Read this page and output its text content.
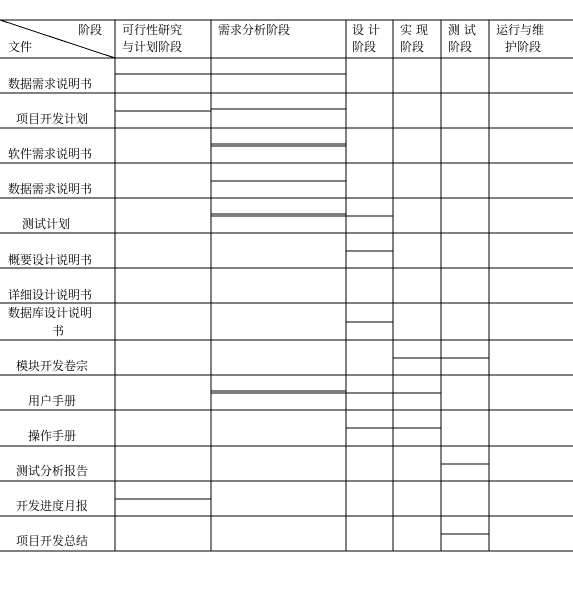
阶段
文件
可行性研究
与计划阶段
需求分析阶段	设 计
阶段
实 现
阶段
测 试
阶段
运行与维
护阶段
数据需求说明书
项目开发计划
软件需求说明书
数据需求说明书
测试计划
概要设计说明书
详细设计说明书
数据库设计说明
书
模块开发卷宗
用户手册
操作手册
测试分析报告
开发进度月报
项目开发总结
